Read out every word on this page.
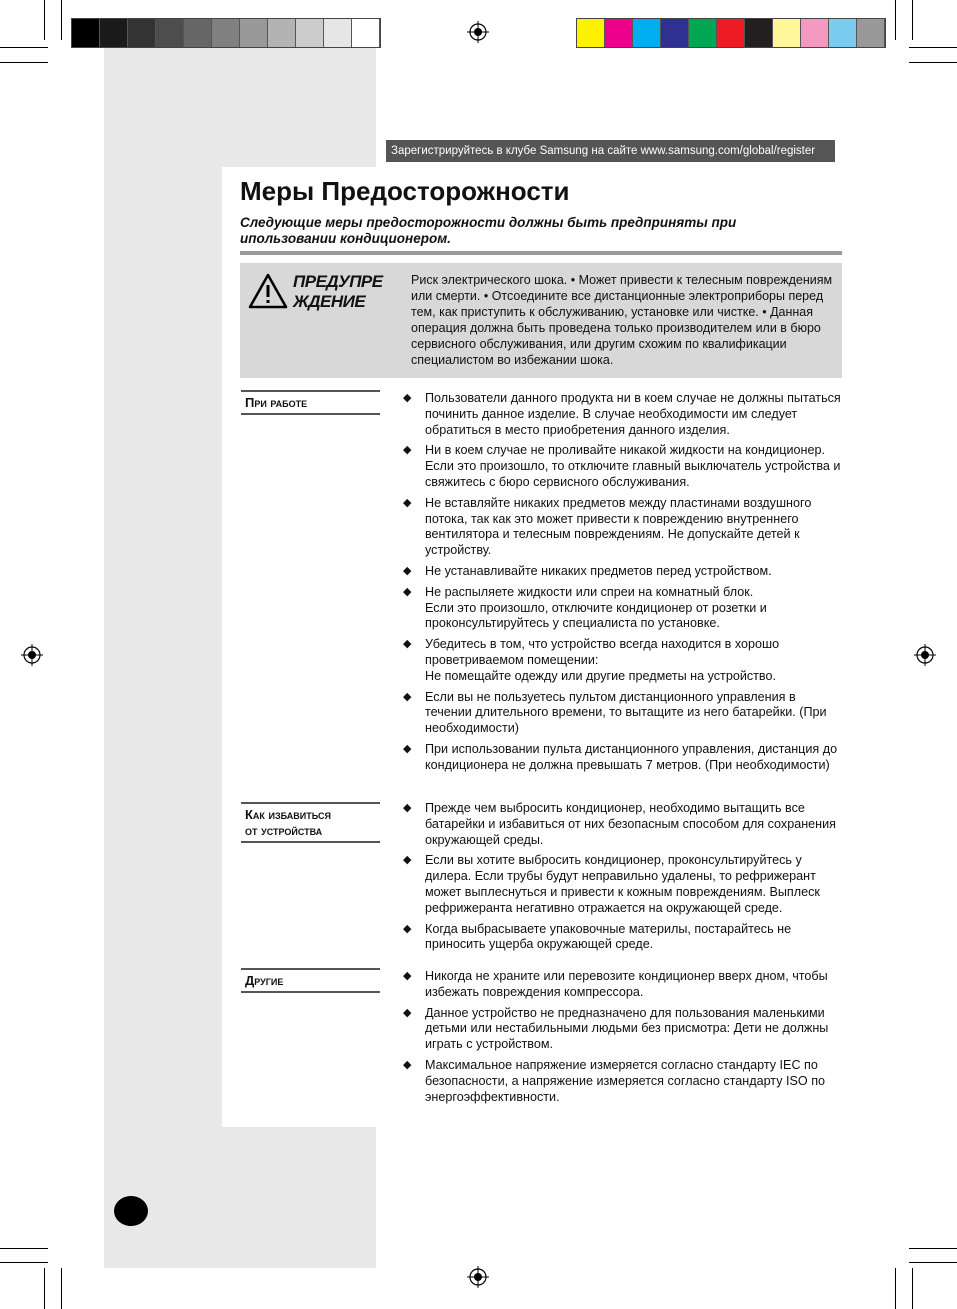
Зарегистрируйтесь в клубе Samsung на сайте www.samsung.com/global/register
Меры Предосторожности
Следующие меры предосторожности должны быть предприняты при ипользовании кондиционером.
ПРЕДУПРЕ
ЖДЕНИЕ
Риск электрического шока. • Может привести к телесным повреждениям или смерти. • Отсоедините все дистанционные электроприборы перед тем, как приступить к обслуживанию, установке или чистке. • Данная операция должна быть проведена только производителем или в бюро сервисного обслуживания, или другим схожим по квалификации специалистом во избежании шока.
При работе	◆ Пользователи данного продукта ни в коем случае не должны пытаться починить данное изделие. В случае необходимости им следует обратиться в место приобретения данного изделия.
◆ Ни в коем случае не проливайте никакой жидкости на кондиционер. Если это произошло, то отключите главный выключатель устройства и свяжитесь с бюро сервисного обслуживания.
◆ Не вставляйте никаких предметов между пластинами воздушного потока, так как это может привести к повреждению внутреннего вентилятора и телесным повреждениям. Не допускайте детей к устройству.
◆ Не устанавливайте никаких предметов перед устройством.
◆ Не распыляете жидкости или спреи на комнатный блок.
Если это произошло, отключите кондиционер от розетки и проконсультируйтесь у специалиста по установке.
◆ Убедитесь в том, что устройство всегда находится в хорошо проветриваемом помещении:
Не помещайте одежду или другие предметы на устройство.
◆ Если вы не пользуетесь пультом дистанционного управления в течении длительного времени, то вытащите из него батарейки. (При необходимости)
◆ При использовании пульта дистанционного управления, дистанция до кондиционера не должна превышать 7 метров. (При необходимости)
Как избавиться
от устройства
◆ Прежде чем выбросить кондиционер, необходимо вытащить все батарейки и избавиться от них безопасным способом для сохранения окружающей среды.
◆ Если вы хотите выбросить кондиционер, проконсультируйтесь у дилера. Если трубы будут неправильно удалены, то рефрижерант может выплеснуться и привести к кожным повреждениям. Выплеск рефрижеранта негативно отражается на окружающей среде.
◆ Когда выбрасываете упаковочные материлы, постарайтесь не приносить ущерба окружающей среде.
Другие	◆ Никогда не храните или перевозите кондиционер вверх дном, чтобы избежать повреждения компрессора.
◆ Данное устройство не предназначено для пользования маленькими детьми или нестабильными людьми без присмотра: Дети не должны играть с устройством.
◆ Максимальное напряжение измеряется согласно стандарту IEC по безопасности, а напряжение измеряется согласно стандарту ISO по энергоэффективности.
